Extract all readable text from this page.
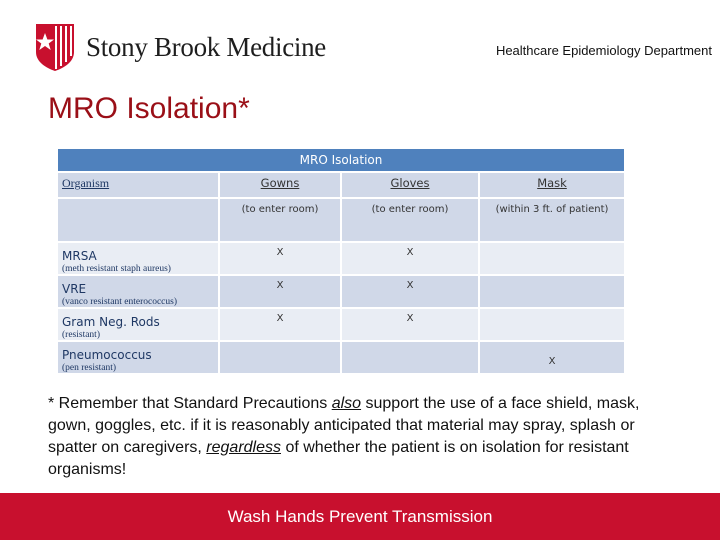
Stony Brook Medicine	Healthcare Epidemiology Department
MRO Isolation*
MRO Isolation			
Organism	Gowns	Gloves	Mask
	(to enter room)	(to enter room)	(within 3 ft. of patient)

MRSA
(meth resistant staph aureus)	X	X	

VRE
(vanco resistant enterococcus)	X	X	

Gram Neg. Rods
(resistant)	X	X	

Pneumococcus
(pen resistant)			X
* Remember that Standard Precautions also support the use of a face shield, mask, gown, goggles, etc. if it is reasonably anticipated that material may spray, splash or spatter on caregivers, regardless of whether the patient is on isolation for resistant organisms!
Wash Hands Prevent Transmission
